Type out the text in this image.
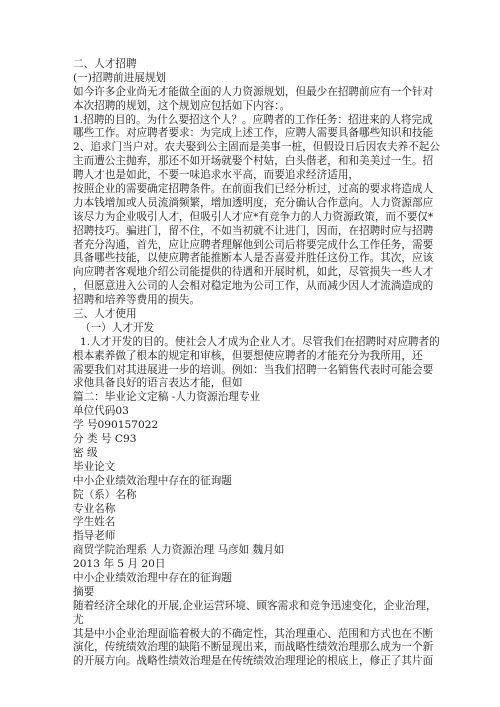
二、人才招聘
(一)招聘前进展规划
如今许多企业尚无才能做全面的人力资源规划，但最少在招聘前应有一个针对
本次招聘的规划，这个规划应包括如下内容：。
1.招聘的目的。为什么要招这个人？。应聘者的工作任务：招进来的人将完成
哪些工作。对应聘者要求：为完成上述工作，应聘人需要具备哪些知识和技能
2、追求门当户对。农夫娶到公主固而是美事一桩，但假设日后因农夫养不起公
主而遭公主抛弃，那还不如开场就娶个村姑，白头偕老，和和美美过一生。招
聘人才也是如此，不要一味追求水平高，而要追求经济适用，
按照企业的需要确定招聘条件。在前面我们已经分析过，过高的要求将造成人
力本钱增加或人员流淌频繁，增加透明度，充分确认合作意向。人力资源部应
该尽力为企业吸引人才，但吸引人才应*有竞争力的人力资源政策，而不要仅*
招聘技巧。骗进门，留不住，不如当初就不让进门，因而，在招聘时应与招聘
者充分沟通，首先，应让应聘者理解他到公司后将要完成什么工作任务，需要
具备哪些技能，以使应聘者能推断本人是否喜爱并胜任这份工作。其次，应该
向应聘者客观地介绍公司能提供的待遇和开展时机，如此，尽管损失一些人才
，但愿意进入公司的人会相对稳定地为公司工作，从而减少因人才流淌造成的
招聘和培养等费用的损失。
三、人才使用
（一）人才开发
1.人才开发的目的。使社会人才成为企业人才。尽管我们在招聘时对应聘者的
根本素养做了根本的规定和审核，但要想使应聘者的才能充分为我所用，还
需要我们对其进展进一步的培训。例如：当我们招聘一名销售代表时可能会要
求他具备良好的语言表达才能，但如
篇二：毕业论文定稿 -人力资源治理专业
单位代码03
学 号090157022
分 类 号 C93
密 级
毕业论文
中小企业绩效治理中存在的征询题
院（系）名称
专业名称
学生姓名
指导老师
商贸学院治理系 人力资源治理 马彦如 魏月如
2013 年 5 月 20日
中小企业绩效治理中存在的征询题
摘要
随着经济全球化的开展,企业运营环境、顾客需求和竞争迅速变化，企业治理，
尤
其是中小企业治理面临着极大的不确定性，其治理重心、范围和方式也在不断
演化，传统绩效治理的缺陷不断显现出来，而战略性绩效治理那么成为一个新
的开展方向。战略性绩效治理是在传统绩效治理理论的根底上，修正了其片面
